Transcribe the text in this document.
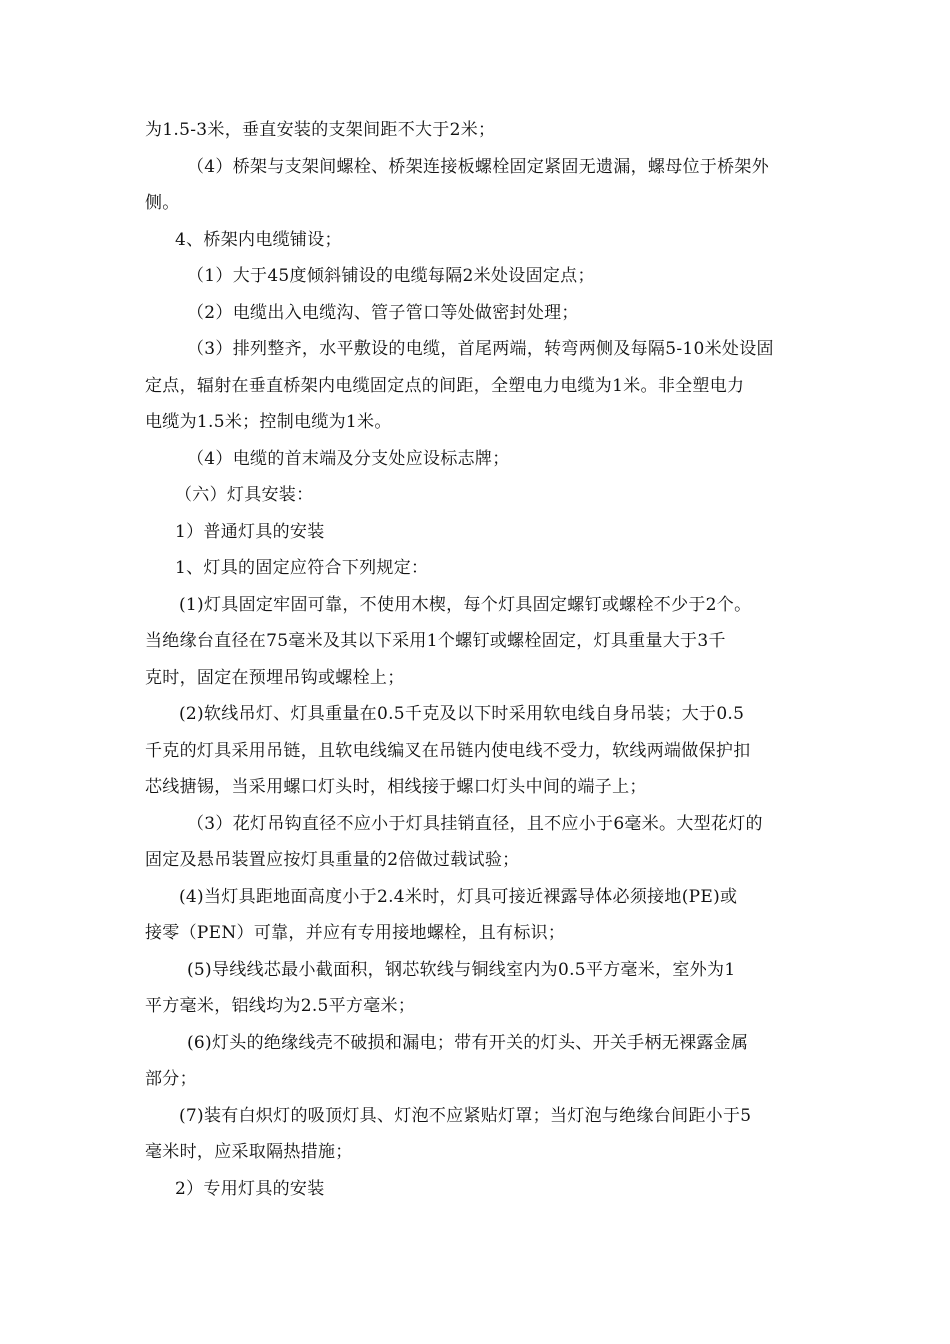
为1.5-3米，垂直安装的支架间距不大于2米；
（4）桥架与支架间螺栓、桥架连接板螺栓固定紧固无遗漏，螺母位于桥架外
侧。
4、桥架内电缆铺设；
（1）大于45度倾斜铺设的电缆每隔2米处设固定点；
（2）电缆出入电缆沟、管子管口等处做密封处理；
（3）排列整齐，水平敷设的电缆，首尾两端，转弯两侧及每隔5-10米处设固
定点，辐射在垂直桥架内电缆固定点的间距，全塑电力电缆为1米。非全塑电力
电缆为1.5米；控制电缆为1米。
（4）电缆的首末端及分支处应设标志牌；
（六）灯具安装：
1）普通灯具的安装
1、灯具的固定应符合下列规定：
(1)灯具固定牢固可靠，不使用木楔，每个灯具固定螺钉或螺栓不少于2个。
当绝缘台直径在75毫米及其以下采用1个螺钉或螺栓固定，灯具重量大于3千
克时，固定在预埋吊钩或螺栓上；
(2)软线吊灯、灯具重量在0.5千克及以下时采用软电线自身吊装；大于0.5
千克的灯具采用吊链，且软电线编叉在吊链内使电线不受力，软线两端做保护扣
芯线搪锡，当采用螺口灯头时，相线接于螺口灯头中间的端子上；
（3）花灯吊钩直径不应小于灯具挂销直径，且不应小于6毫米。大型花灯的
固定及悬吊装置应按灯具重量的2倍做过载试验；
(4)当灯具距地面高度小于2.4米时，灯具可接近裸露导体必须接地(PE)或
接零（PEN）可靠，并应有专用接地螺栓，且有标识；
(5)导线线芯最小截面积，钢芯软线与铜线室内为0.5平方毫米，室外为1
平方毫米，铝线均为2.5平方毫米；
(6)灯头的绝缘线壳不破损和漏电；带有开关的灯头、开关手柄无裸露金属
部分；
(7)装有白炽灯的吸顶灯具、灯泡不应紧贴灯罩；当灯泡与绝缘台间距小于5
毫米时，应采取隔热措施；
2）专用灯具的安装
